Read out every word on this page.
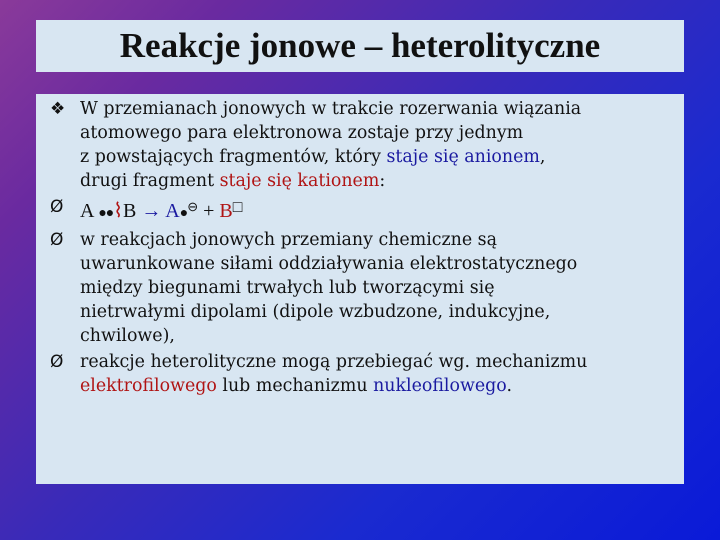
Reakcje jonowe – heterolityczne
❖ W przemianach jonowych w trakcie rozerwania wiązania
atomowego para elektronowa zostaje przy jednym
z powstających fragmentów, który staje się anionem,
drugi fragment staje się kationem:
Ø A ●●⌇B → A●⊖ + B□
Ø w reakcjach jonowych przemiany chemiczne są
uwarunkowane siłami oddziaływania elektrostatycznego
między biegunami trwałych lub tworzącymi się
nietrwałymi dipolami (dipole wzbudzone, indukcyjne,
chwilowe),
Ø reakcje heterolityczne mogą przebiegać wg. mechanizmu
elektrofilowego lub mechanizmu nukleofilowego.
